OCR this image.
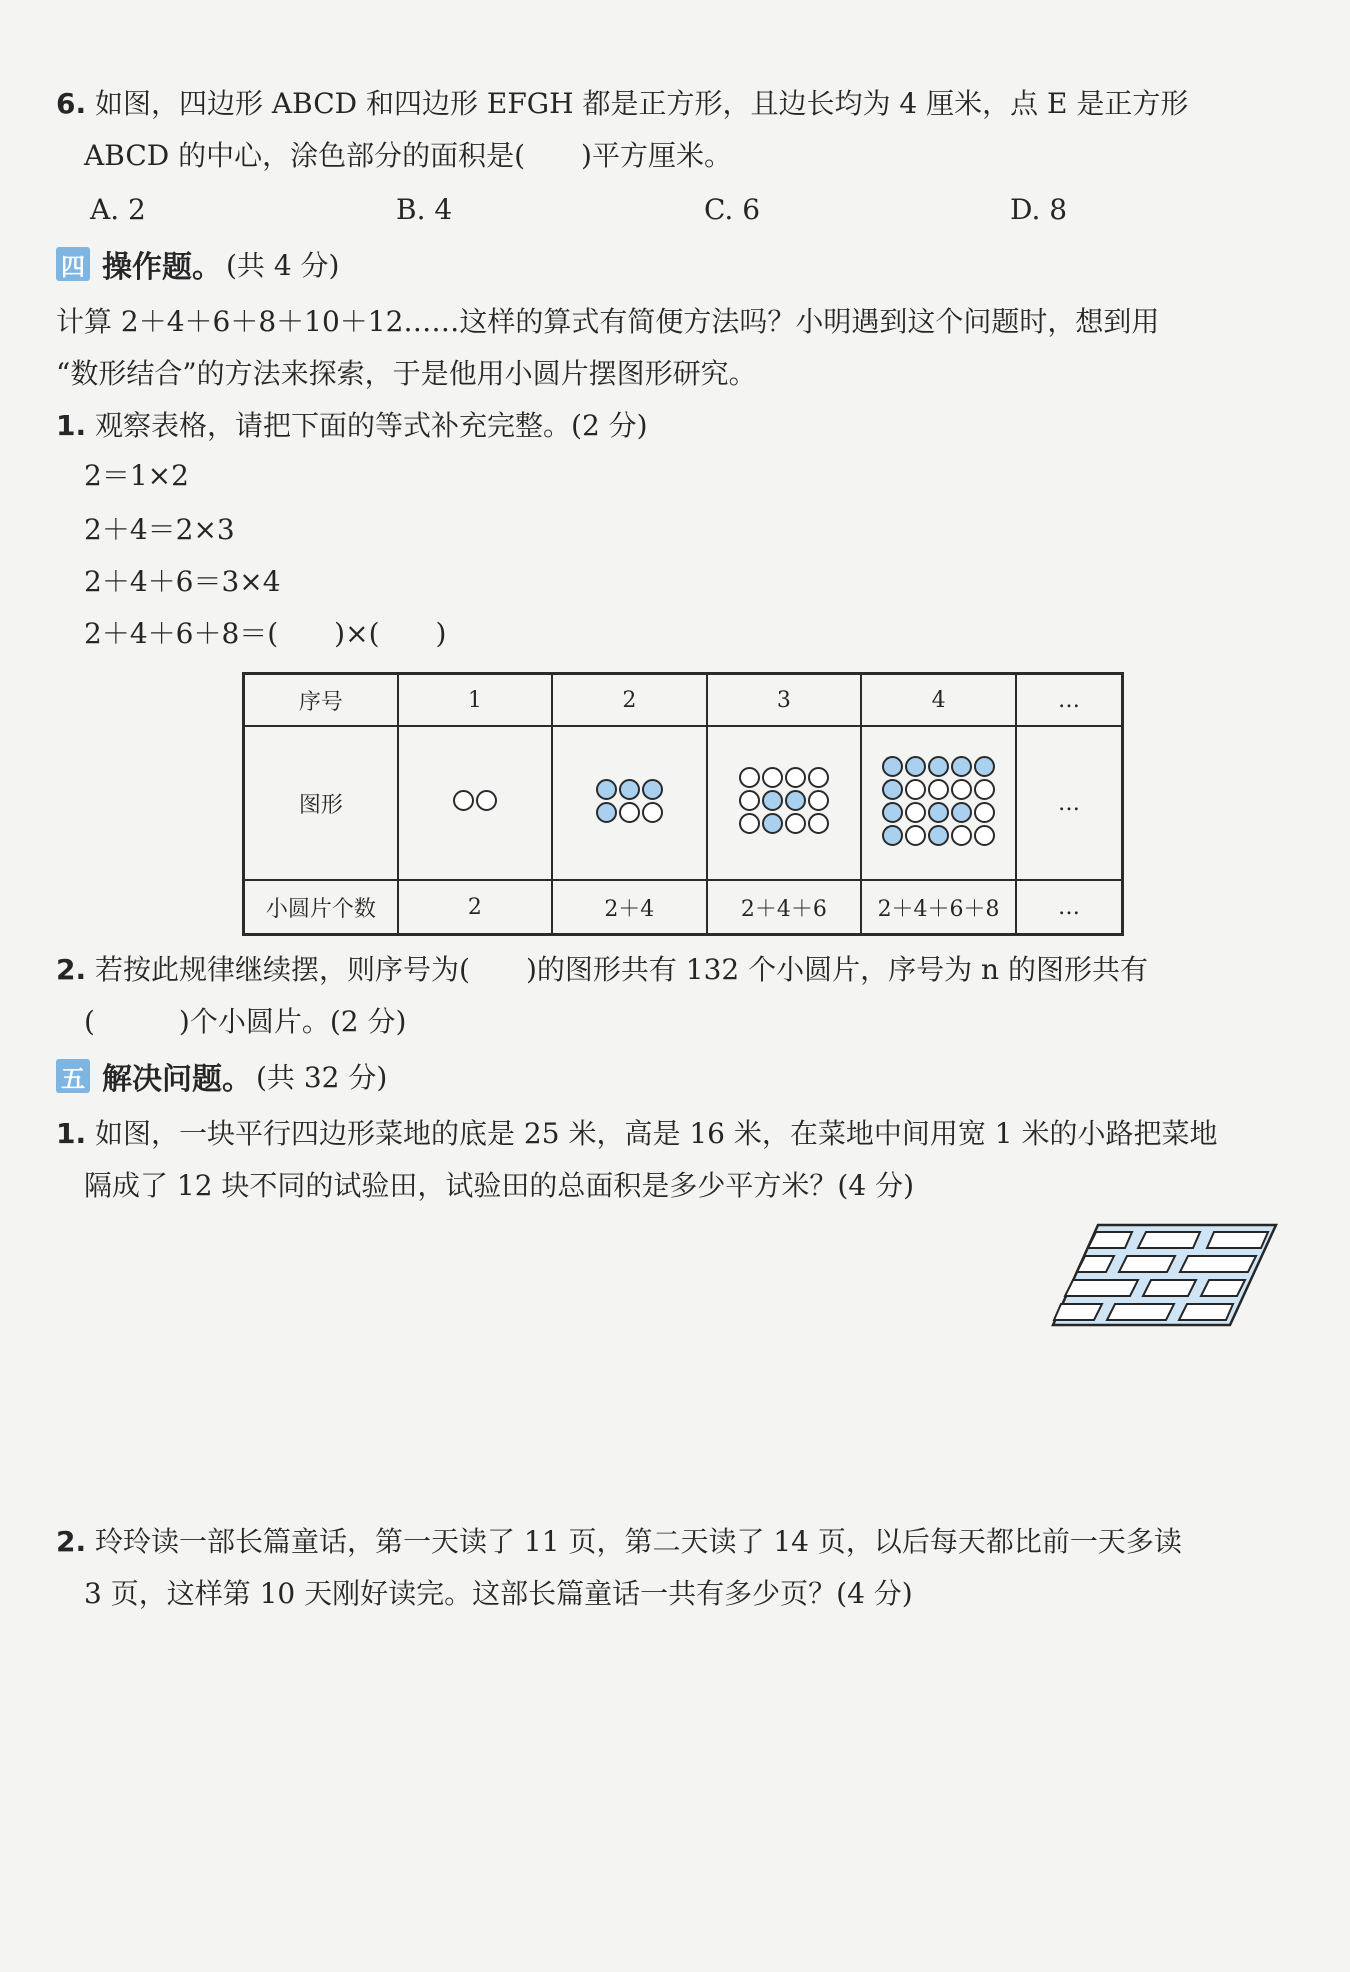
6. 如图，四边形 ABCD 和四边形 EFGH 都是正方形，且边长均为 4 厘米，点 E 是正方形
ABCD 的中心，涂色部分的面积是(　　)平方厘米。
A. 2	B. 4	C. 6	D. 8
四 操作题。 (共 4 分)
计算 2＋4＋6＋8＋10＋12……这样的算式有简便方法吗？小明遇到这个问题时，想到用
“数形结合”的方法来探索，于是他用小圆片摆图形研究。
1. 观察表格，请把下面的等式补充完整。(2 分)
2＝1×2
2＋4＝2×3
2＋4＋6＝3×4
2＋4＋6＋8＝(　　)×(　　)
序号	1	2	3	4	…
图形					…
小圆片个数	2	2＋4	2＋4＋6	2＋4＋6＋8	…
2. 若按此规律继续摆，则序号为(　　)的图形共有 132 个小圆片，序号为 n 的图形共有
(　　　)个小圆片。(2 分)
五 解决问题。 (共 32 分)
1. 如图，一块平行四边形菜地的底是 25 米，高是 16 米，在菜地中间用宽 1 米的小路把菜地
隔成了 12 块不同的试验田，试验田的总面积是多少平方米？(4 分)
2. 玲玲读一部长篇童话，第一天读了 11 页，第二天读了 14 页，以后每天都比前一天多读
3 页，这样第 10 天刚好读完。这部长篇童话一共有多少页？(4 分)
